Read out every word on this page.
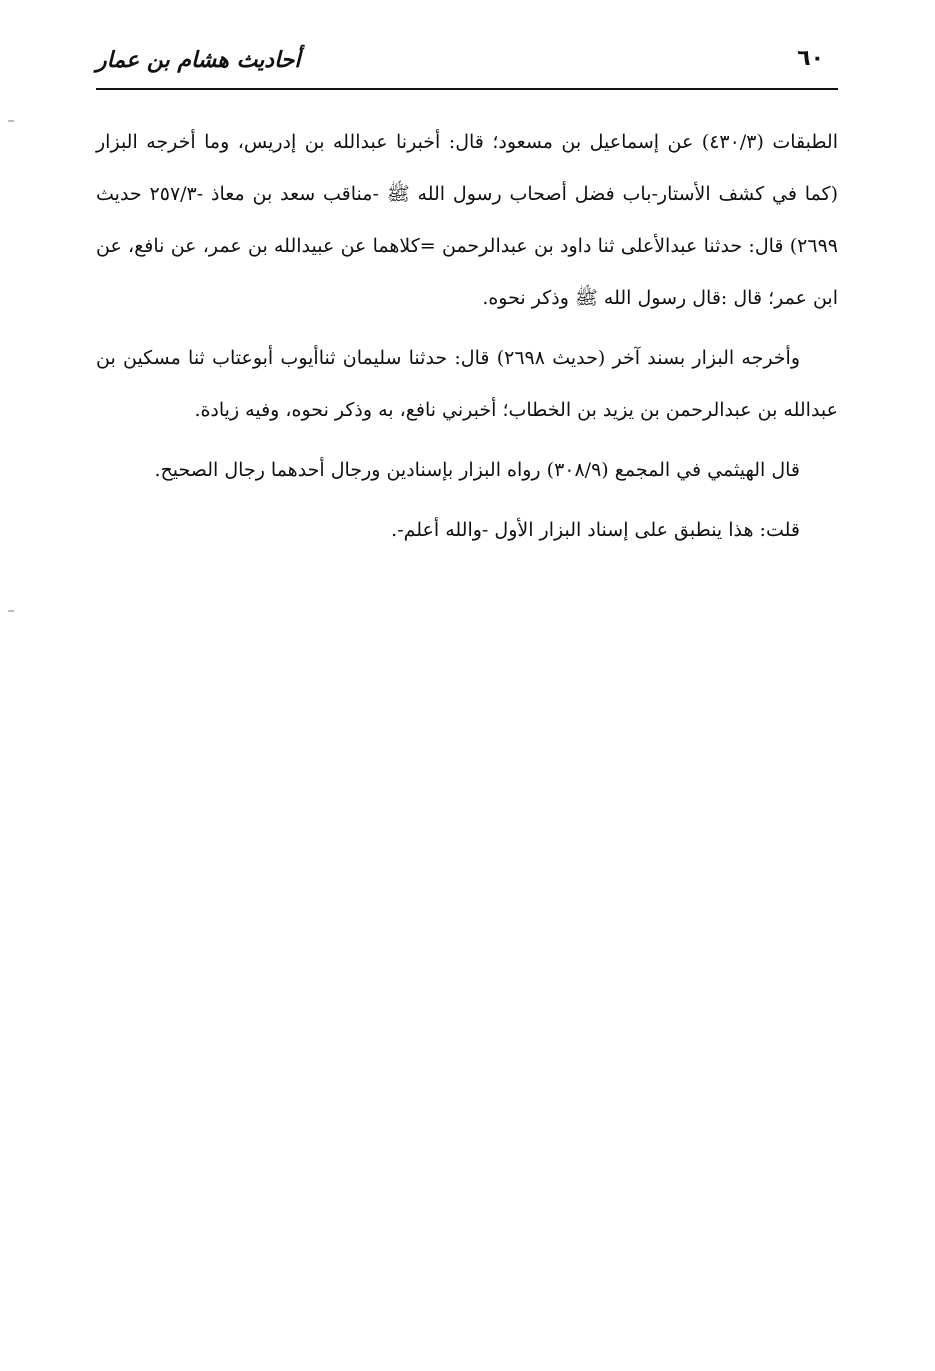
أحاديث هشام بن عمار	٦٠

الطبقات (٤٣٠/٣) عن إسماعيل بن مسعود؛ قال: أخبرنا عبدالله بن إدريس، وما أخرجه البزار (كما في كشف الأستار-باب فضل أصحاب رسول الله ﷺ -مناقب سعد بن معاذ -٢٥٧/٣ حديث ٢٦٩٩) قال: حدثنا عبدالأعلى ثنا داود بن عبدالرحمن =كلاهما عن عبيدالله بن عمر، عن نافع، عن ابن عمر؛ قال :قال رسول الله ﷺ وذكر نحوه.

وأخرجه البزار بسند آخر (حديث ٢٦٩٨) قال: حدثنا سليمان ثناأيوب أبوعتاب ثنا مسكين بن عبدالله بن عبدالرحمن بن يزيد بن الخطاب؛ أخبرني نافع، به وذكر نحوه، وفيه زيادة.

قال الهيثمي في المجمع (٣٠٨/٩) رواه البزار بإسنادين ورجال أحدهما رجال الصحيح.

قلت: هذا ينطبق على إسناد البزار الأول -والله أعلم-.
